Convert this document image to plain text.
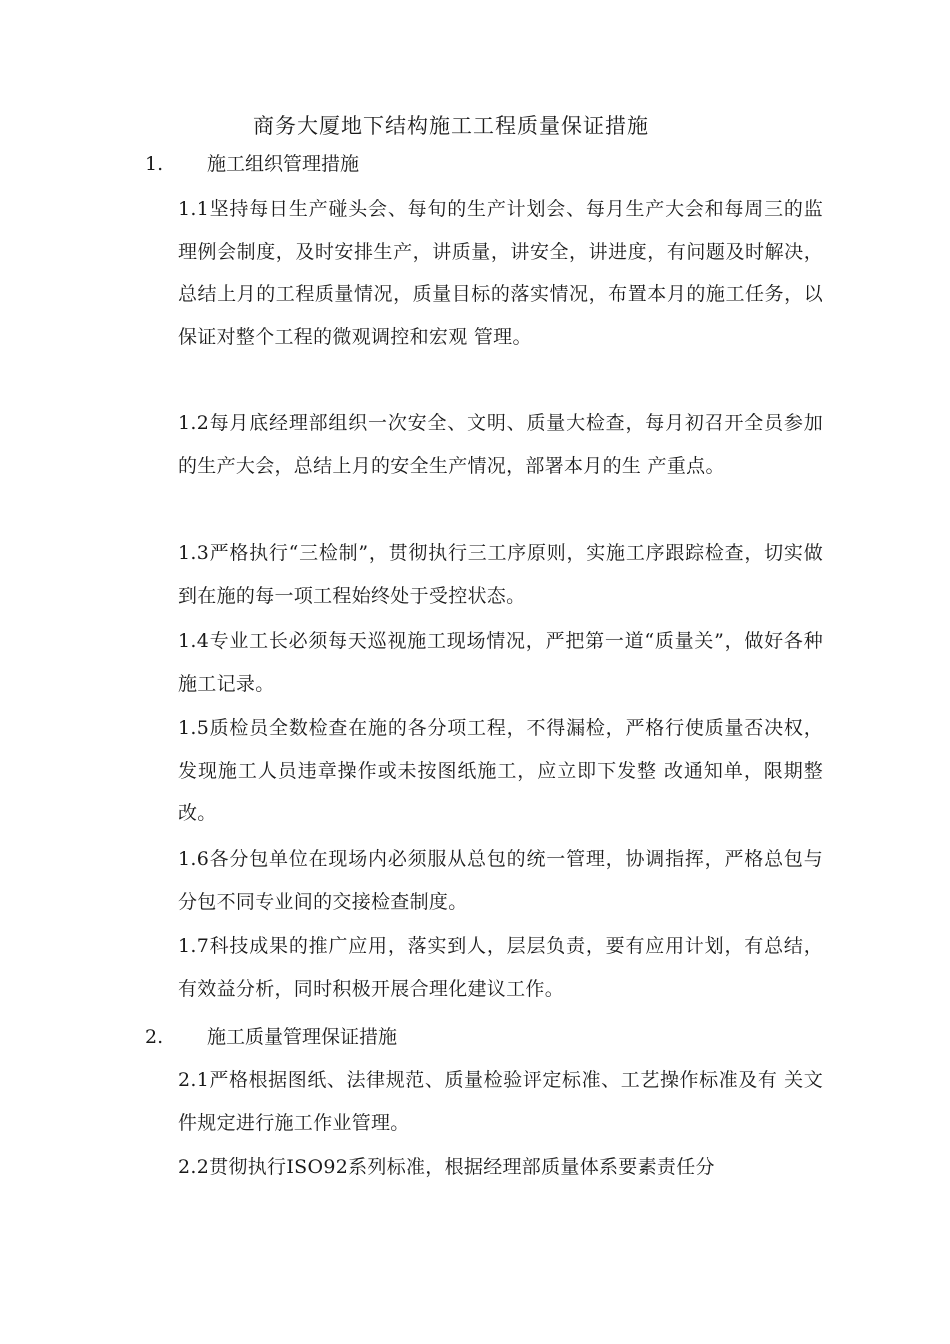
商务大厦地下结构施工工程质量保证措施
1. 施工组织管理措施

1.1坚持每日生产碰头会、每旬的生产计划会、每月生产大会和每周三的监理例会制度，及时安排生产，讲质量，讲安全，讲进度，有问题及时解决，总结上月的工程质量情况，质量目标的落实情况，布置本月的施工任务，以保证对整个工程的微观调控和宏观 管理。

1.2每月底经理部组织一次安全、文明、质量大检查，每月初召开全员参加的生产大会，总结上月的安全生产情况，部署本月的生 产重点。

1.3严格执行“三检制”，贯彻执行三工序原则，实施工序跟踪检查，切实做到在施的每一项工程始终处于受控状态。

1.4专业工长必须每天巡视施工现场情况，严把第一道“质量关”，做好各种施工记录。

1.5质检员全数检查在施的各分项工程，不得漏检，严格行使质量否决权，发现施工人员违章操作或未按图纸施工，应立即下发整 改通知单，限期整改。

1.6各分包单位在现场内必须服从总包的统一管理，协调指挥，严格总包与分包不同专业间的交接检查制度。

1.7科技成果的推广应用，落实到人，层层负责，要有应用计划，有总结，有效益分析，同时积极开展合理化建议工作。

2. 施工质量管理保证措施

2.1严格根据图纸、法律规范、质量检验评定标准、工艺操作标准及有 关文件规定进行施工作业管理。

2.2贯彻执行ISO92系列标准，根据经理部质量体系要素责任分
